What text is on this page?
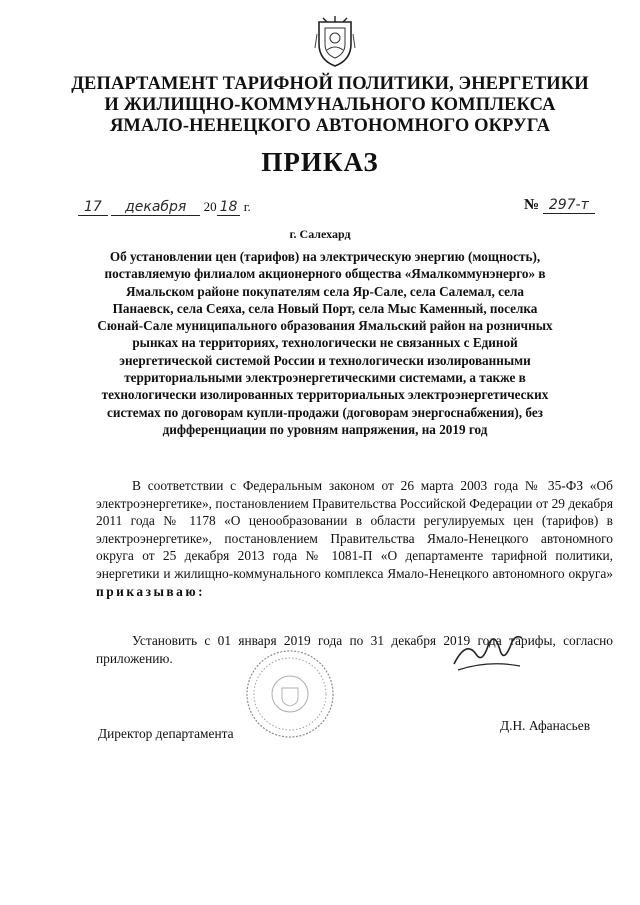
ДЕПАРТАМЕНТ ТАРИФНОЙ ПОЛИТИКИ, ЭНЕРГЕТИКИ
И ЖИЛИЩНО-КОММУНАЛЬНОГО КОМПЛЕКСА
ЯМАЛО-НЕНЕЦКОГО АВТОНОМНОГО ОКРУГА
ПРИКАЗ
17 декабря 20 18 г.	№ 297-т
г. Салехард
Об установлении цен (тарифов) на электрическую энергию (мощность), поставляемую филиалом акционерного общества «Ямалкоммунэнерго» в Ямальском районе покупателям села Яр-Сале, села Салемал, села Панаевск, села Сеяха, села Новый Порт, села Мыс Каменный, поселка Сюнай-Сале муниципального образования Ямальский район на розничных рынках на территориях, технологически не связанных с Единой энергетической системой России и технологически изолированными территориальными электроэнергетическими системами, а также в технологически изолированных территориальных электроэнергетических системах по договорам купли-продажи (договорам энергоснабжения), без дифференциации по уровням напряжения, на 2019 год
В соответствии с Федеральным законом от 26 марта 2003 года № 35-ФЗ «Об электроэнергетике», постановлением Правительства Российской Федерации от 29 декабря 2011 года № 1178 «О ценообразовании в области регулируемых цен (тарифов) в электроэнергетике», постановлением Правительства Ямало-Ненецкого автономного округа от 25 декабря 2013 года № 1081-П «О департаменте тарифной политики, энергетики и жилищно-коммунального комплекса Ямало-Ненецкого автономного округа» приказываю:
Установить с 01 января 2019 года по 31 декабря 2019 года тарифы, согласно приложению.
Директор департамента
Д.Н. Афанасьев
